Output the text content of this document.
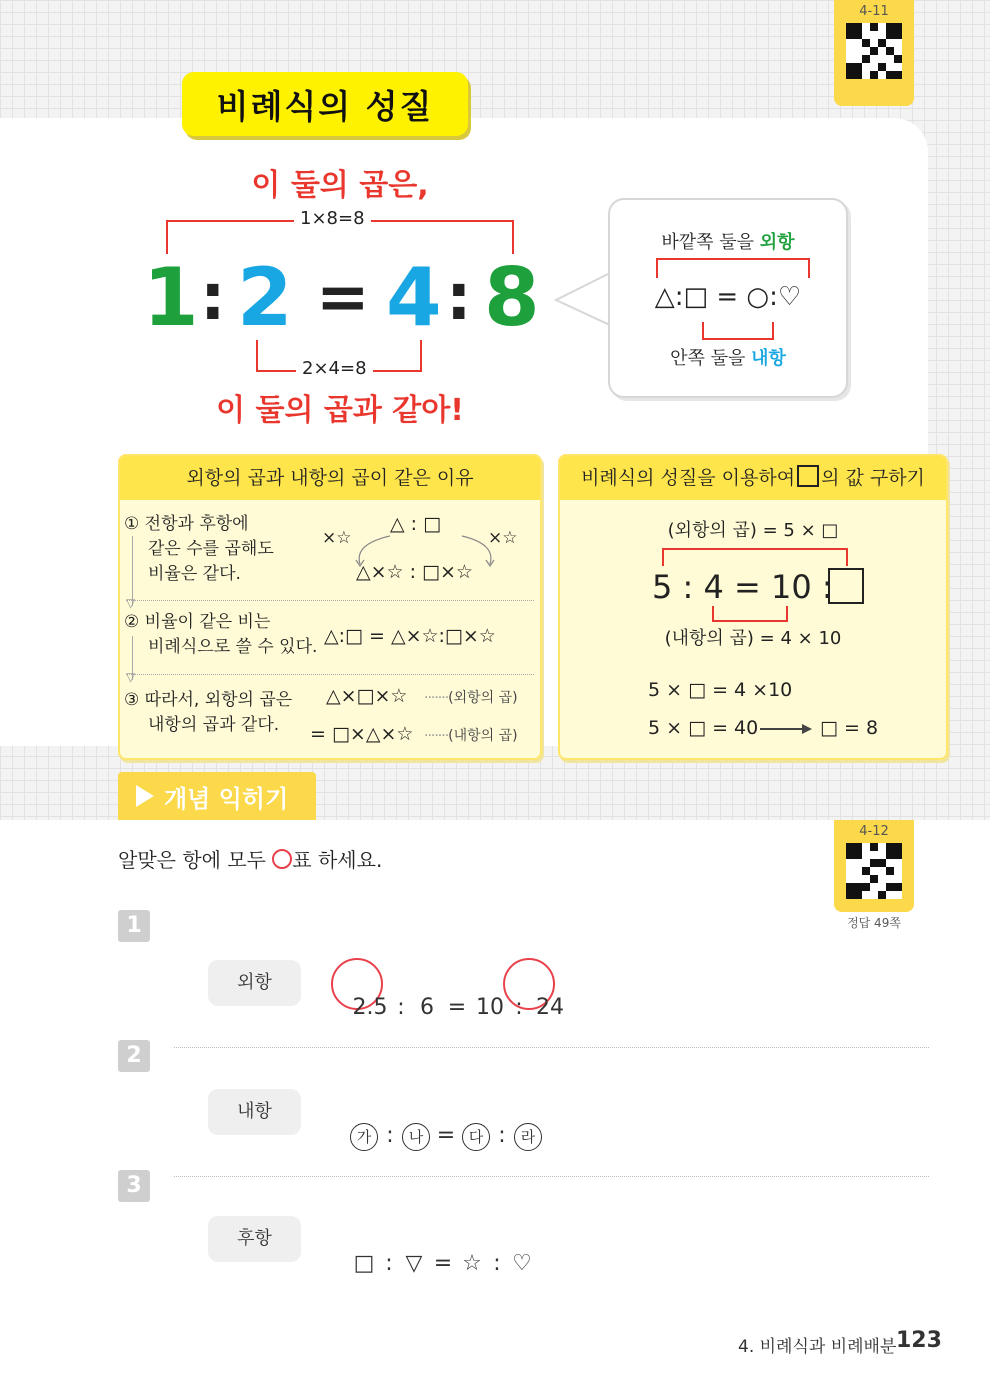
4-11
비례식의 성질
이 둘의 곱은,
1×8=8
1 : 2 = 4 : 8
2×4=8
이 둘의 곱과 같아!
바깥쪽 둘을 외항
△:□ = ○:♡
안쪽 둘을 내항
외항의 곱과 내항의 곱이 같은 이유
① 전항과 후항에
같은 수를 곱해도
비율은 같다.
▽
△ : □
×☆	×☆
△×☆ : □×☆
② 비율이 같은 비는
비례식으로 쓸 수 있다.
▽
△:□ = △×☆:□×☆
③ 따라서, 외항의 곱은
내항의 곱과 같다.
△×□×☆ ·······(외항의 곱)
= □×△×☆ ·······(내항의 곱)
비례식의 성질을 이용하여 의 값 구하기
(외항의 곱) = 5 × □
5 : 4 = 10 :
(내항의 곱) = 4 × 10
5 × □ = 4 ×10
5 × □ = 40	□ = 8
개념 익히기
알맞은 항에 모두 ○표 하세요.
4-12
정답 49쪽
1
외항

2.5 : 6 = 10 : 24

2
내항

가 : 나 = 다 : 라

3
후항

□ : ▽ = ☆ : ♡

4. 비례식과 비례배분 123
